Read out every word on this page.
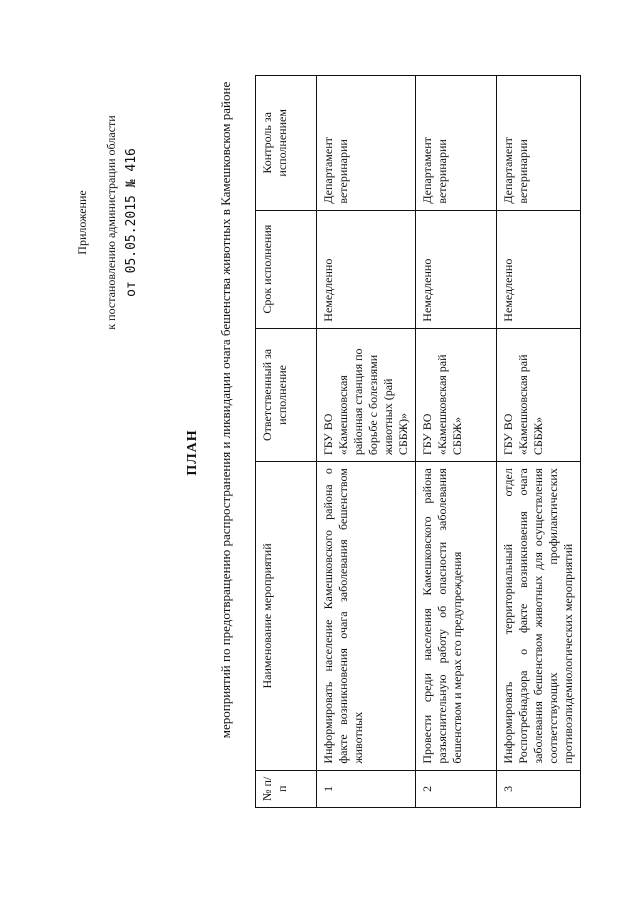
Приложение к постановлению администрации области от 05.05.2015 № 416
ПЛАН мероприятий по предотвращению распространения и ликвидации очага бешенства животных в Камешковском районе
№ п/п	Наименование мероприятий	Ответственный за исполнение	Срок исполнения	Контроль за исполнением
1	Информировать население Камешковского района о факте возникновения очага заболевания бешенством животных	ГБУ ВО «Камешковская районная станция по борьбе с болезнями животных (рай СББЖ)»	Немедленно	Департамент ветеринарии
2	Провести среди населения Камешковского района разъяснительную работу об опасности заболевания бешенством и мерах его предупреждения	ГБУ ВО «Камешковская рай СББЖ»	Немедленно	Департамент ветеринарии
3	Информировать территориальный отдел Роспотребнадзора о факте возникновения очага заболевания бешенством животных для осуществления соответствующих профилактических противоэпидемиологических мероприятий	ГБУ ВО «Камешковская рай СББЖ»	Немедленно	Департамент ветеринарии
